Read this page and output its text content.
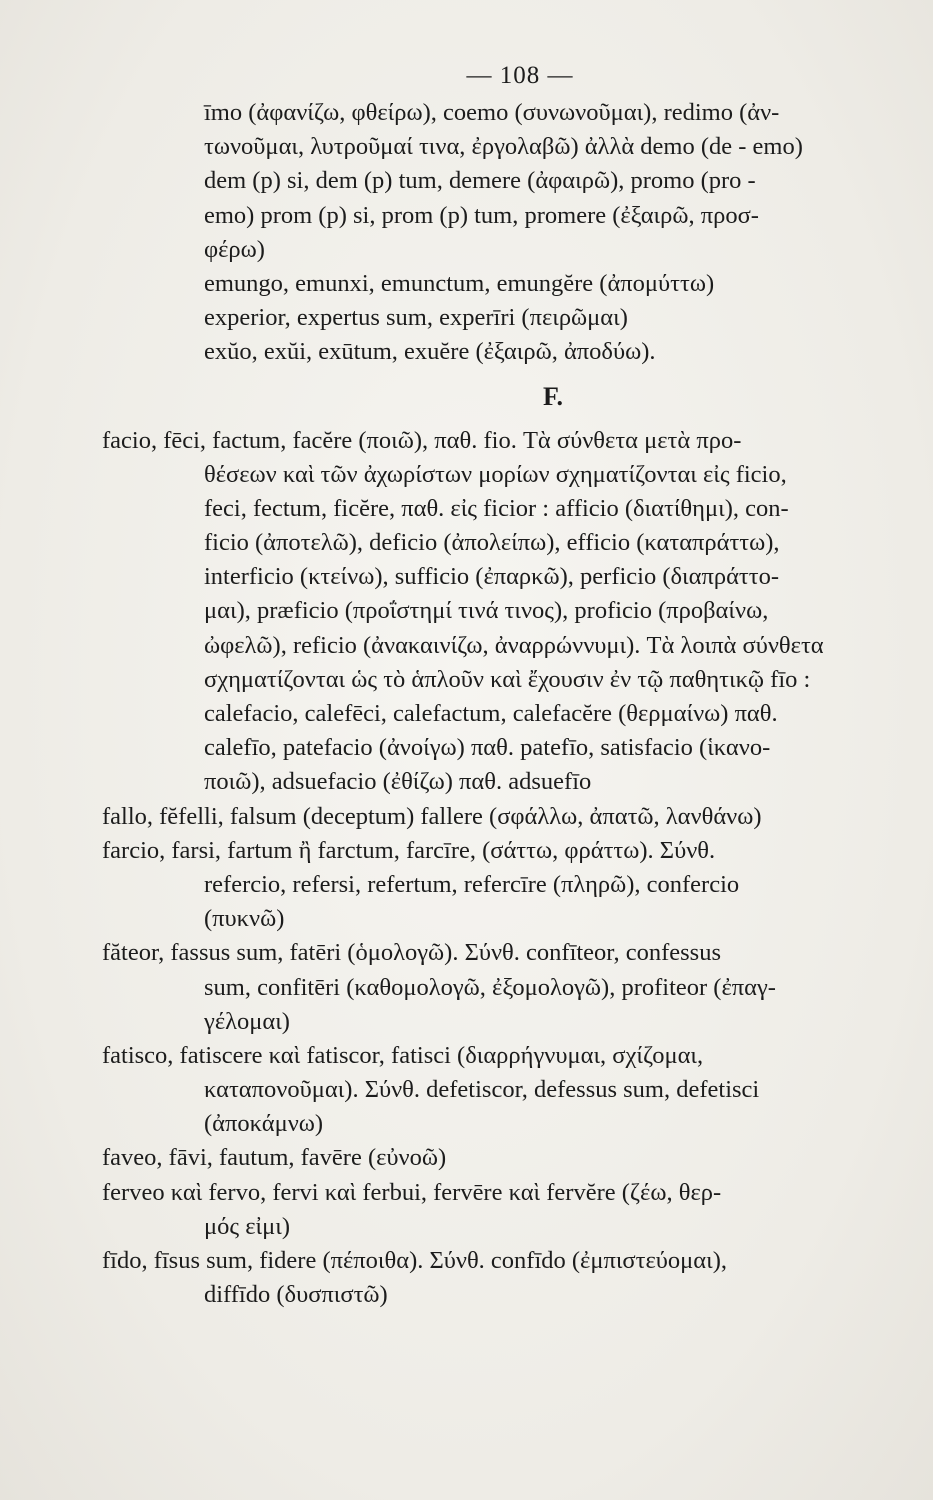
— 108 —
īmo (ἀφανίζω, φθείρω), coemo (συνωνοῦμαι), redimo (ἀν-
τωνοῦμαι, λυτροῦμαί τινα, ἐργολαβῶ) ἀλλὰ demo (de - emo)
dem (p) si, dem (p) tum, demere (ἀφαιρῶ), promo (pro -
emo) prom (p) si, prom (p) tum, promere (ἐξαιρῶ, προσ-
φέρω)
emungo, emunxi, emunctum, emungĕre (ἀπομύττω)
experior, expertus sum, experīri (πειρῶμαι)
exŭo, exŭi, exūtum, exuĕre (ἐξαιρῶ, ἀποδύω).
F.
facio, fēci, factum, facĕre (ποιῶ), παθ. fio. Τὰ σύνθετα μετὰ προ-
θέσεων καὶ τῶν ἀχωρίστων μορίων σχηματίζονται εἰς ficio,
feci, fectum, ficĕre, παθ. εἰς ficior : afficio (διατίθημι), con-
ficio (ἀποτελῶ), deficio (ἀπολείπω), efficio (καταπράττω),
interficio (κτείνω), sufficio (ἐπαρκῶ), perficio (διαπράττο-
μαι), præficio (προΐστημί τινά τινος), proficio (προβαίνω,
ὠφελῶ), reficio (ἀνακαινίζω, ἀναρρώννυμι). Τὰ λοιπὰ σύνθετα
σχηματίζονται ὡς τὸ ἁπλοῦν καὶ ἔχουσιν ἐν τῷ παθητικῷ fīo :
calefacio, calefēci, calefactum, calefacĕre (θερμαίνω) παθ.
calefīo, patefacio (ἀνοίγω) παθ. patefīo, satisfacio (ἱκανο-
ποιῶ), adsuefacio (ἐθίζω) παθ. adsuefīo
fallo, fĕfelli, falsum (deceptum) fallere (σφάλλω, ἀπατῶ, λανθάνω)
farcio, farsi, fartum ἢ farctum, farcīre, (σάττω, φράττω). Σύνθ.
refercio, refersi, refertum, referсīre (πληρῶ), confercio
(πυκνῶ)
făteor, fassus sum, fatēri (ὁμολογῶ). Σύνθ. confīteor, confessus
sum, confitēri (καθομολογῶ, ἐξομολογῶ), profiteor (ἐπαγ-
γέλομαι)
fatisco, fatiscere καὶ fatiscor, fatisci (διαρρήγνυμαι, σχίζομαι,
καταπονοῦμαι). Σύνθ. defetiscor, defessus sum, defetisci
(ἀποκάμνω)
faveo, fāvi, fautum, favēre (εὐνοῶ)
ferveo καὶ fervo, fervi καὶ ferbui, fervēre καὶ fervĕre (ζέω, θερ-
μός εἰμι)
fīdo, fīsus sum, fidere (πέποιθα). Σύνθ. confīdo (ἐμπιστεύομαι),
diffīdo (δυσπιστῶ)
